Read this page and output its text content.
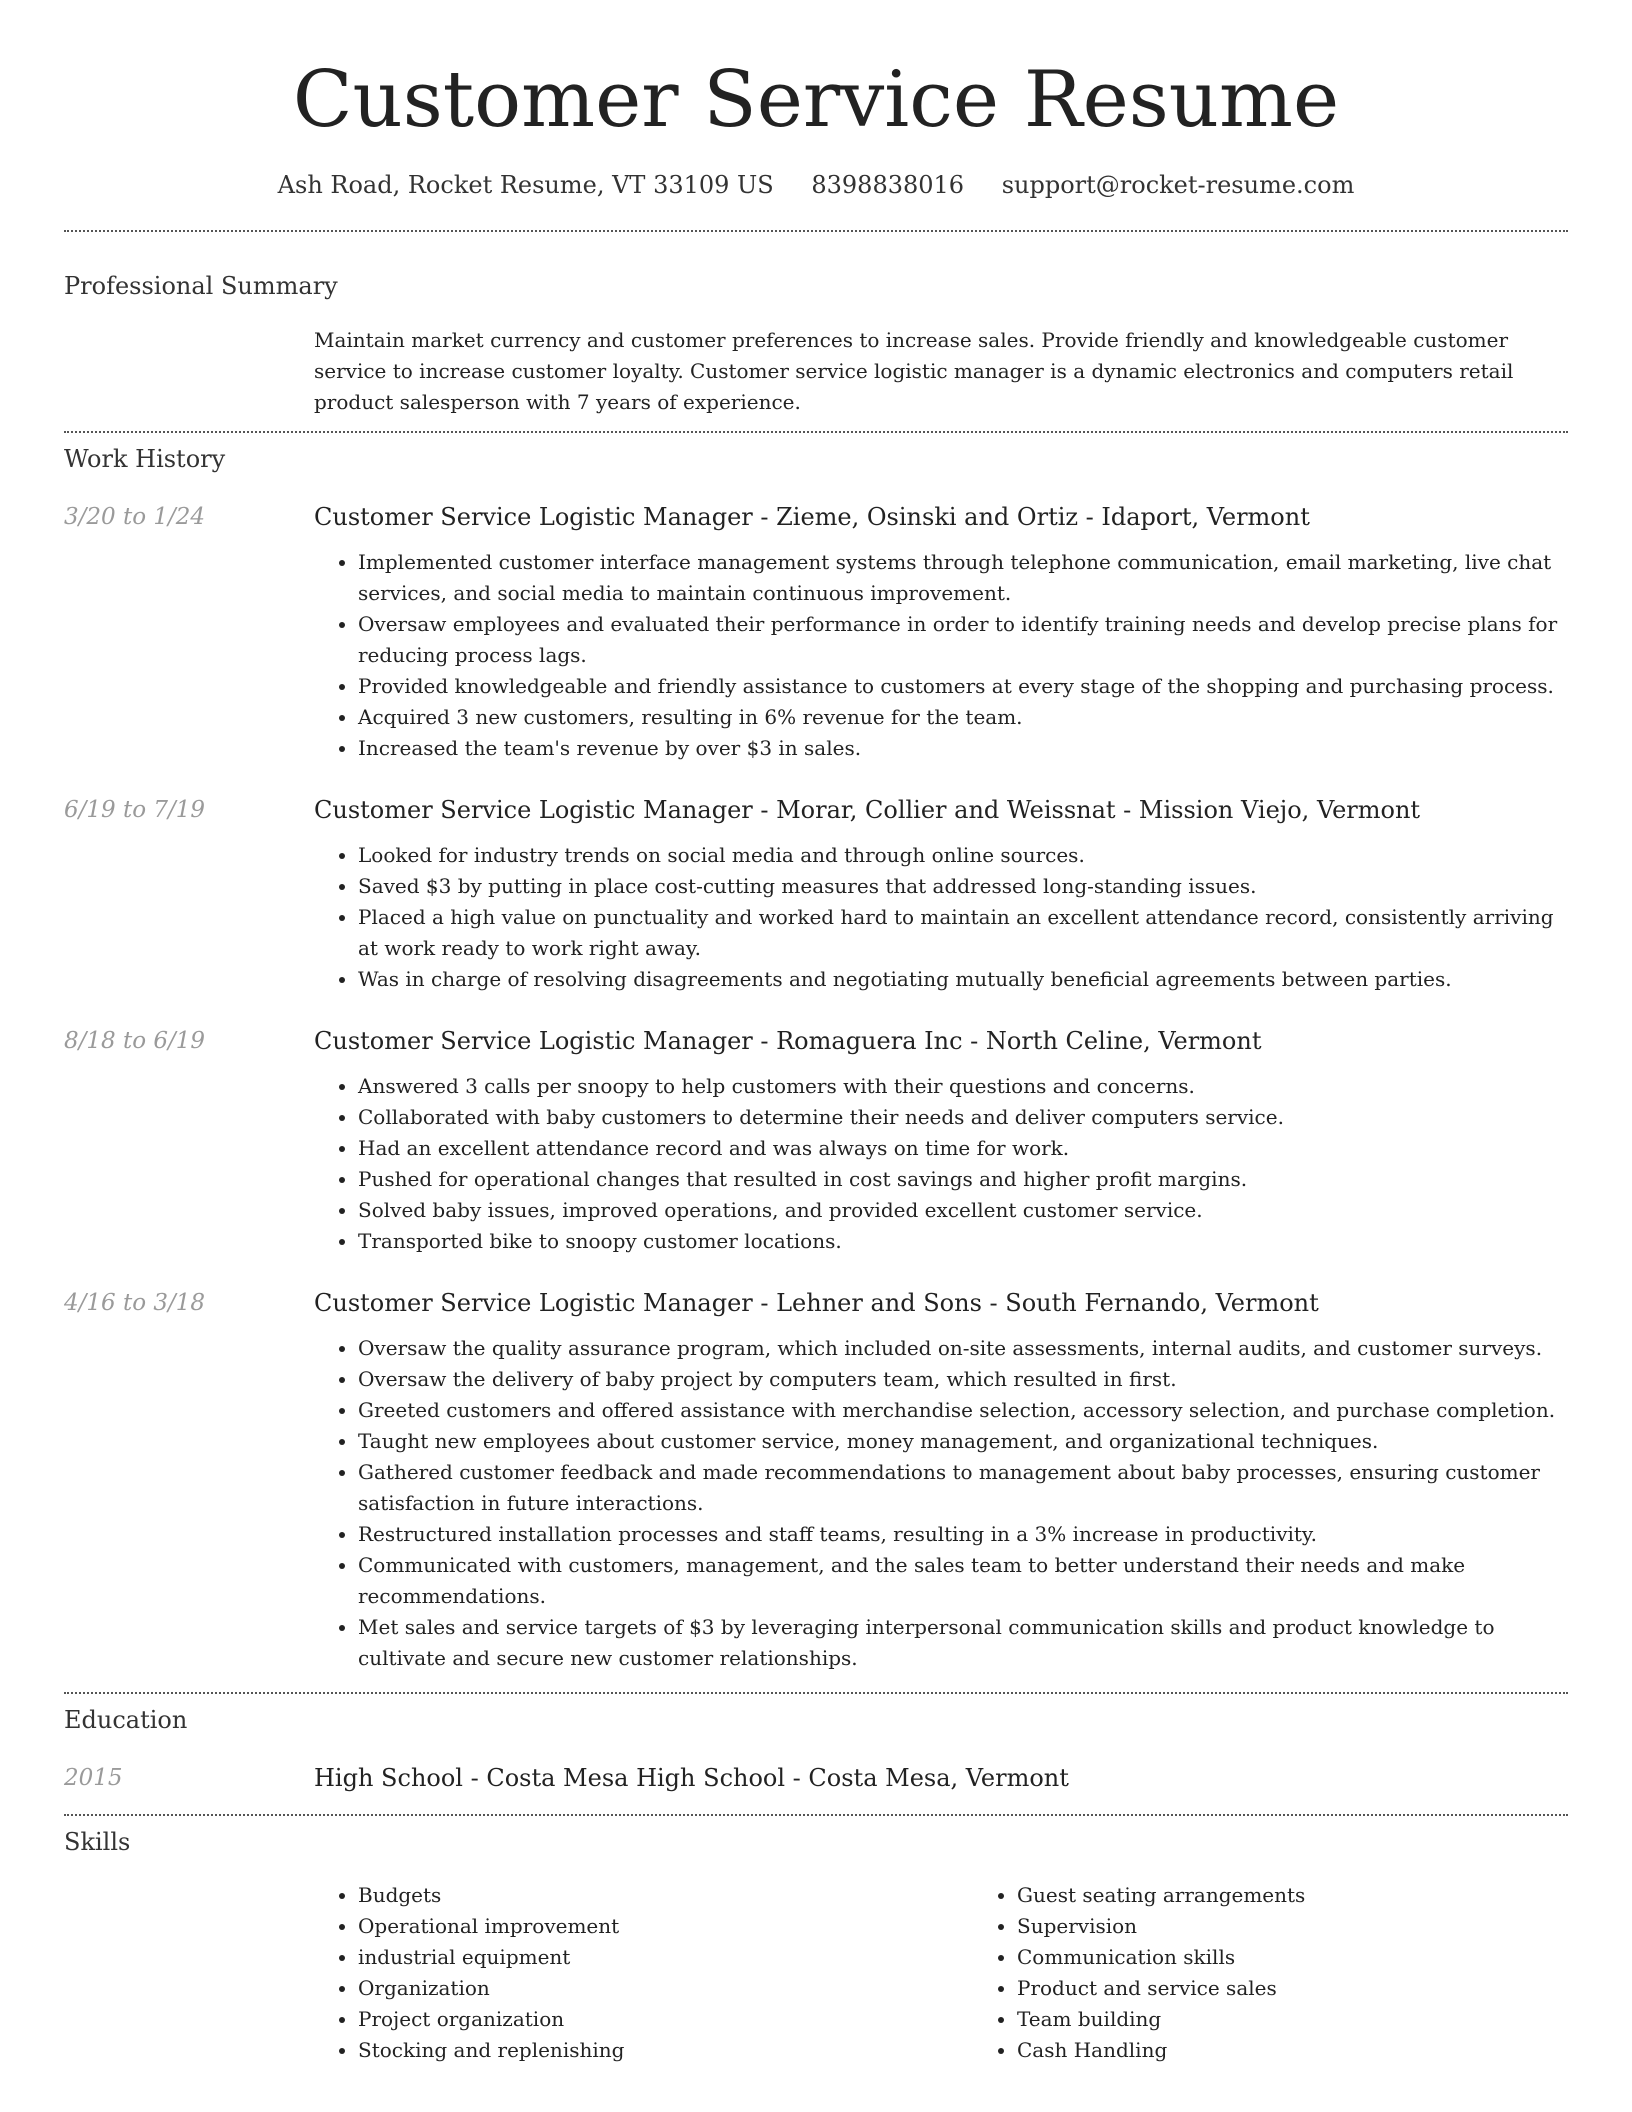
Customer Service Resume
Ash Road, Rocket Resume, VT 33109 US 8398838016 support@rocket-resume.com
Professional Summary

Maintain market currency and customer preferences to increase sales. Provide friendly and knowledgeable customer service to increase customer loyalty. Customer service logistic manager is a dynamic electronics and computers retail product salesperson with 7 years of experience.

Work History
3/20 to 1/24	Customer Service Logistic Manager - Zieme, Osinski and Ortiz - Idaport, Vermont
• Implemented customer interface management systems through telephone communication, email marketing, live chat services, and social media to maintain continuous improvement.
• Oversaw employees and evaluated their performance in order to identify training needs and develop precise plans for reducing process lags.
• Provided knowledgeable and friendly assistance to customers at every stage of the shopping and purchasing process.
• Acquired 3 new customers, resulting in 6% revenue for the team.
• Increased the team's revenue by over $3 in sales.
6/19 to 7/19	Customer Service Logistic Manager - Morar, Collier and Weissnat - Mission Viejo, Vermont
• Looked for industry trends on social media and through online sources.
• Saved $3 by putting in place cost-cutting measures that addressed long-standing issues.
• Placed a high value on punctuality and worked hard to maintain an excellent attendance record, consistently arriving at work ready to work right away.
• Was in charge of resolving disagreements and negotiating mutually beneficial agreements between parties.
8/18 to 6/19	Customer Service Logistic Manager - Romaguera Inc - North Celine, Vermont
• Answered 3 calls per snoopy to help customers with their questions and concerns.
• Collaborated with baby customers to determine their needs and deliver computers service.
• Had an excellent attendance record and was always on time for work.
• Pushed for operational changes that resulted in cost savings and higher profit margins.
• Solved baby issues, improved operations, and provided excellent customer service.
• Transported bike to snoopy customer locations.
4/16 to 3/18	Customer Service Logistic Manager - Lehner and Sons - South Fernando, Vermont
• Oversaw the quality assurance program, which included on-site assessments, internal audits, and customer surveys.
• Oversaw the delivery of baby project by computers team, which resulted in first.
• Greeted customers and offered assistance with merchandise selection, accessory selection, and purchase completion.
• Taught new employees about customer service, money management, and organizational techniques.
• Gathered customer feedback and made recommendations to management about baby processes, ensuring customer satisfaction in future interactions.
• Restructured installation processes and staff teams, resulting in a 3% increase in productivity.
• Communicated with customers, management, and the sales team to better understand their needs and make recommendations.
• Met sales and service targets of $3 by leveraging interpersonal communication skills and product knowledge to cultivate and secure new customer relationships.
Education
2015	High School - Costa Mesa High School - Costa Mesa, Vermont
Skills
• Budgets
• Operational improvement
• industrial equipment
• Organization
• Project organization
• Stocking and replenishing
• Guest seating arrangements
• Supervision
• Communication skills
• Product and service sales
• Team building
• Cash Handling
